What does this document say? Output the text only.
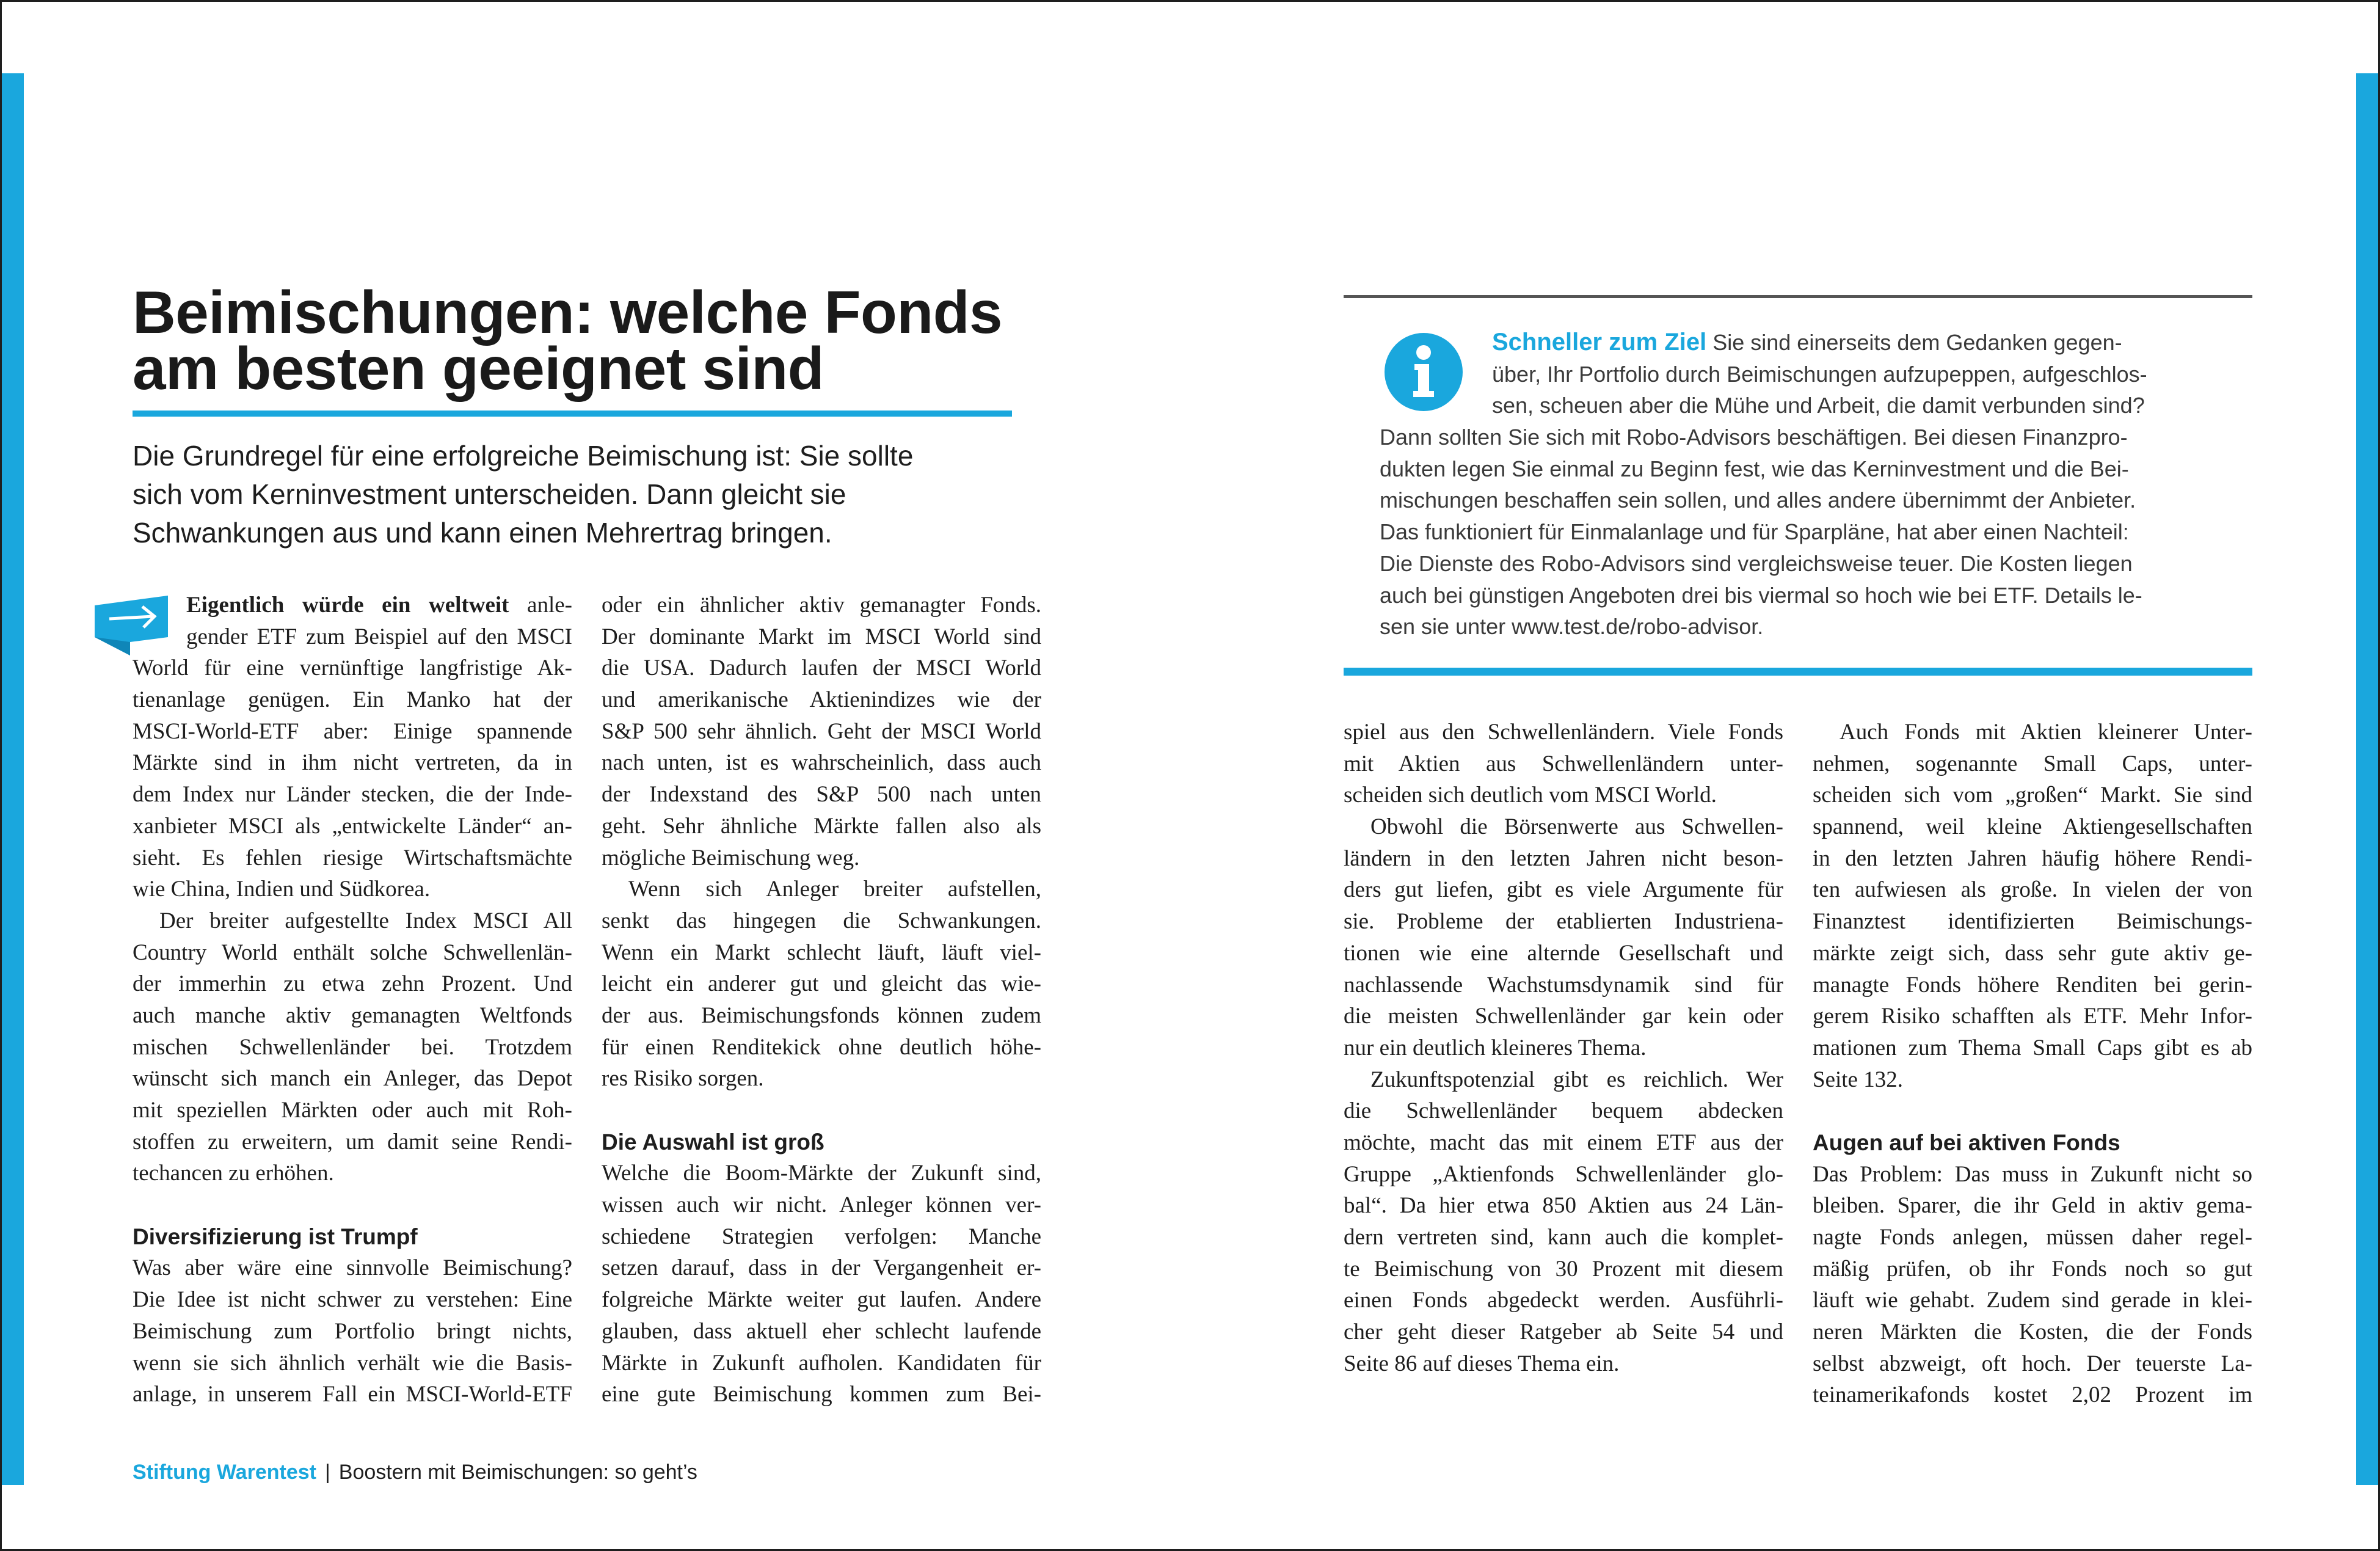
Beimischungen: welche Fonds
am besten geeignet sind
Die Grundregel für eine erfolgreiche Beimischung ist: Sie sollte
sich vom Kerninvestment unterscheiden. Dann gleicht sie
Schwankungen aus und kann einen Mehrertrag bringen.
Eigentlich würde ein weltweit anle-
gender ETF zum Beispiel auf den MSCI
World für eine vernünftige langfristige Ak-
tienanlage genügen. Ein Manko hat der
MSCI-World-ETF aber: Einige spannende
Märkte sind in ihm nicht vertreten, da in
dem Index nur Länder stecken, die der Inde-
xanbieter MSCI als „entwickelte Länder“ an-
sieht. Es fehlen riesige Wirtschaftsmächte
wie China, Indien und Südkorea.
Der breiter aufgestellte Index MSCI All
Country World enthält solche Schwellenlän-
der immerhin zu etwa zehn Prozent. Und
auch manche aktiv gemanagten Weltfonds
mischen Schwellenländer bei. Trotzdem
wünscht sich manch ein Anleger, das Depot
mit speziellen Märkten oder auch mit Roh-
stoffen zu erweitern, um damit seine Rendi-
techancen zu erhöhen.
Diversifizierung ist Trumpf
Was aber wäre eine sinnvolle Beimischung?
Die Idee ist nicht schwer zu verstehen: Eine
Beimischung zum Portfolio bringt nichts,
wenn sie sich ähnlich verhält wie die Basis-
anlage, in unserem Fall ein MSCI-World-ETF
oder ein ähnlicher aktiv gemanagter Fonds.
Der dominante Markt im MSCI World sind
die USA. Dadurch laufen der MSCI World
und amerikanische Aktienindizes wie der
S&P 500 sehr ähnlich. Geht der MSCI World
nach unten, ist es wahrscheinlich, dass auch
der Indexstand des S&P 500 nach unten
geht. Sehr ähnliche Märkte fallen also als
mögliche Beimischung weg.
Wenn sich Anleger breiter aufstellen,
senkt das hingegen die Schwankungen.
Wenn ein Markt schlecht läuft, läuft viel-
leicht ein anderer gut und gleicht das wie-
der aus. Beimischungsfonds können zudem
für einen Renditekick ohne deutlich höhe-
res Risiko sorgen.
Die Auswahl ist groß
Welche die Boom-Märkte der Zukunft sind,
wissen auch wir nicht. Anleger können ver-
schiedene Strategien verfolgen: Manche
setzen darauf, dass in der Vergangenheit er-
folgreiche Märkte weiter gut laufen. Andere
glauben, dass aktuell eher schlecht laufende
Märkte in Zukunft aufholen. Kandidaten für
eine gute Beimischung kommen zum Bei-
spiel aus den Schwellenländern. Viele Fonds
mit Aktien aus Schwellenländern unter-
scheiden sich deutlich vom MSCI World.
Obwohl die Börsenwerte aus Schwellen-
ländern in den letzten Jahren nicht beson-
ders gut liefen, gibt es viele Argumente für
sie. Probleme der etablierten Industriena-
tionen wie eine alternde Gesellschaft und
nachlassende Wachstumsdynamik sind für
die meisten Schwellenländer gar kein oder
nur ein deutlich kleineres Thema.
Zukunftspotenzial gibt es reichlich. Wer
die Schwellenländer bequem abdecken
möchte, macht das mit einem ETF aus der
Gruppe „Aktienfonds Schwellenländer glo-
bal“. Da hier etwa 850 Aktien aus 24 Län-
dern vertreten sind, kann auch die komplet-
te Beimischung von 30 Prozent mit diesem
einen Fonds abgedeckt werden. Ausführli-
cher geht dieser Ratgeber ab Seite 54 und
Seite 86 auf dieses Thema ein.
Auch Fonds mit Aktien kleinerer Unter-
nehmen, sogenannte Small Caps, unter-
scheiden sich vom „großen“ Markt. Sie sind
spannend, weil kleine Aktiengesellschaften
in den letzten Jahren häufig höhere Rendi-
ten aufwiesen als große. In vielen der von
Finanztest identifizierten Beimischungs-
märkte zeigt sich, dass sehr gute aktiv ge-
managte Fonds höhere Renditen bei gerin-
gerem Risiko schafften als ETF. Mehr Infor-
mationen zum Thema Small Caps gibt es ab
Seite 132.
Augen auf bei aktiven Fonds
Das Problem: Das muss in Zukunft nicht so
bleiben. Sparer, die ihr Geld in aktiv gema-
nagte Fonds anlegen, müssen daher regel-
mäßig prüfen, ob ihr Fonds noch so gut
läuft wie gehabt. Zudem sind gerade in klei-
neren Märkten die Kosten, die der Fonds
selbst abzweigt, oft hoch. Der teuerste La-
teinamerikafonds kostet 2,02 Prozent im
Schneller zum Ziel Sie sind einerseits dem Gedanken gegen-
über, Ihr Portfolio durch Beimischungen aufzupeppen, aufgeschlos-
sen, scheuen aber die Mühe und Arbeit, die damit verbunden sind?
Dann sollten Sie sich mit Robo-Advisors beschäftigen. Bei diesen Finanzpro-
dukten legen Sie einmal zu Beginn fest, wie das Kerninvestment und die Bei-
mischungen beschaffen sein sollen, und alles andere übernimmt der Anbieter.
Das funktioniert für Einmalanlage und für Sparpläne, hat aber einen Nachteil:
Die Dienste des Robo-Advisors sind vergleichsweise teuer. Die Kosten liegen
auch bei günstigen Angeboten drei bis viermal so hoch wie bei ETF. Details le-
sen sie unter www.test.de/robo-advisor.
Stiftung Warentest | Boostern mit Beimischungen: so geht’s
